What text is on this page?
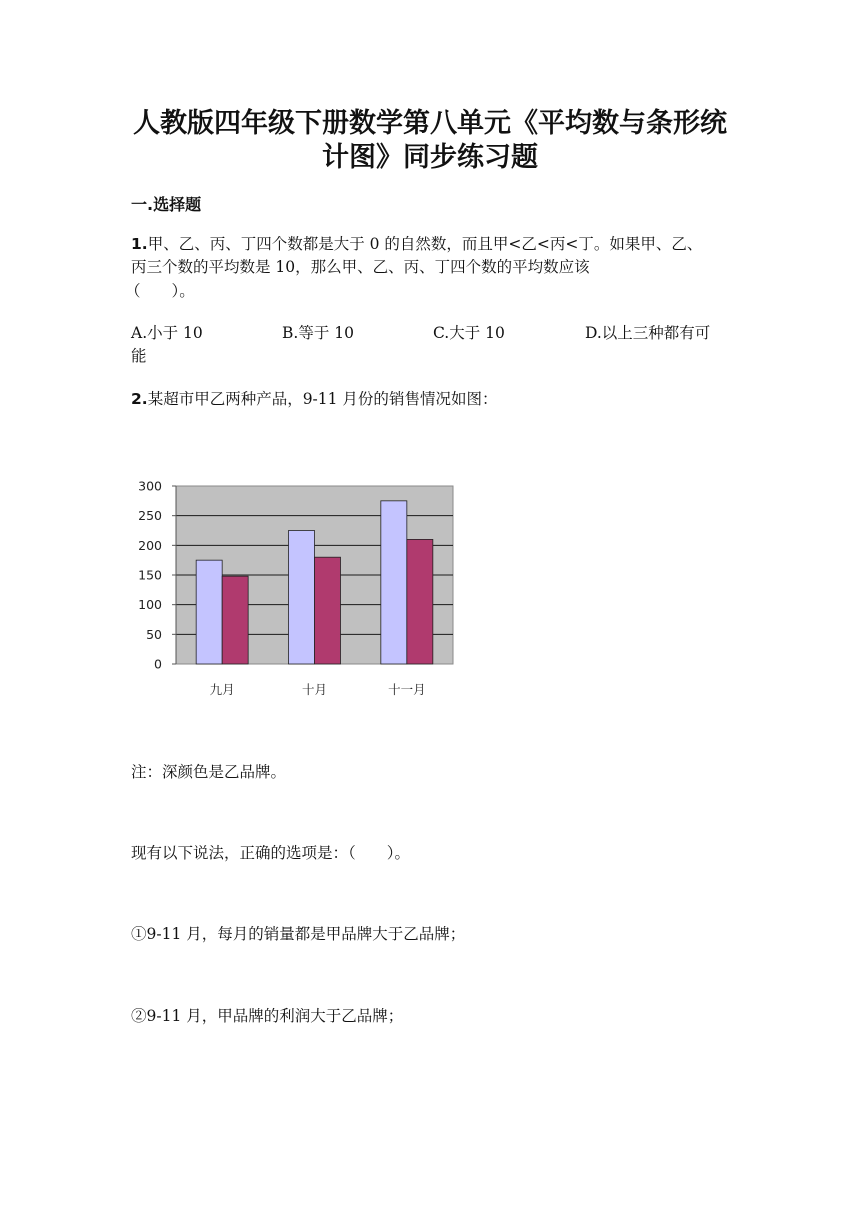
人教版四年级下册数学第八单元《平均数与条形统
计图》同步练习题
一.选择题
1.甲、乙、丙、丁四个数都是大于 0 的自然数，而且甲<乙<丙<丁。如果甲、乙、
丙三个数的平均数是 10，那么甲、乙、丙、丁四个数的平均数应该
（　　）。
A.小于 10	B.等于 10	C.大于 10	D.以上三种都有可
能
2.某超市甲乙两种产品，9-11 月份的销售情况如图：
0
50
100
150
200
250
300
九月	十月	十一月
注：深颜色是乙品牌。
现有以下说法，正确的选项是：（　　）。
①9-11 月，每月的销量都是甲品牌大于乙品牌；
②9-11 月，甲品牌的利润大于乙品牌；
